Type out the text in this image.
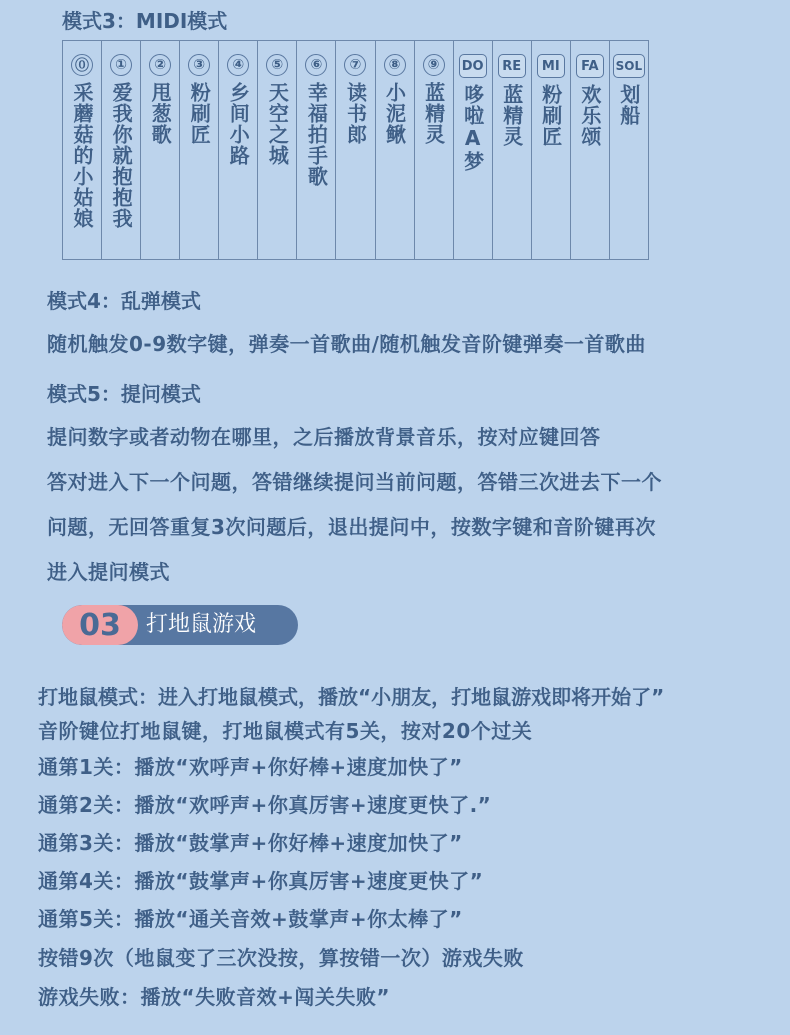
模式3：MIDI模式
⓪
采蘑菇的小姑娘
①
爱我你就抱抱我
②
甩葱歌
③
粉刷匠
④
乡间小路
⑤
天空之城
⑥
幸福拍手歌
⑦
读书郎
⑧
小泥鳅
⑨
蓝精灵
DO
哆啦A梦
RE
蓝精灵
MI
粉刷匠
FA
欢乐颂
SOL
划船
模式4：乱弹模式
随机触发0-9数字键，弹奏一首歌曲/随机触发音阶键弹奏一首歌曲
模式5：提问模式
提问数字或者动物在哪里，之后播放背景音乐，按对应键回答
答对进入下一个问题，答错继续提问当前问题，答错三次进去下一个
问题，无回答重复3次问题后，退出提问中，按数字键和音阶键再次
进入提问模式
03	打地鼠游戏
打地鼠模式：进入打地鼠模式，播放“小朋友，打地鼠游戏即将开始了”
音阶键位打地鼠键，打地鼠模式有5关，按对20个过关
通第1关：播放“欢呼声+你好棒+速度加快了”
通第2关：播放“欢呼声+你真厉害+速度更快了.”
通第3关：播放“鼓掌声+你好棒+速度加快了”
通第4关：播放“鼓掌声+你真厉害+速度更快了”
通第5关：播放“通关音效+鼓掌声+你太棒了”
按错9次（地鼠变了三次没按，算按错一次）游戏失败
游戏失败：播放“失败音效+闯关失败”
